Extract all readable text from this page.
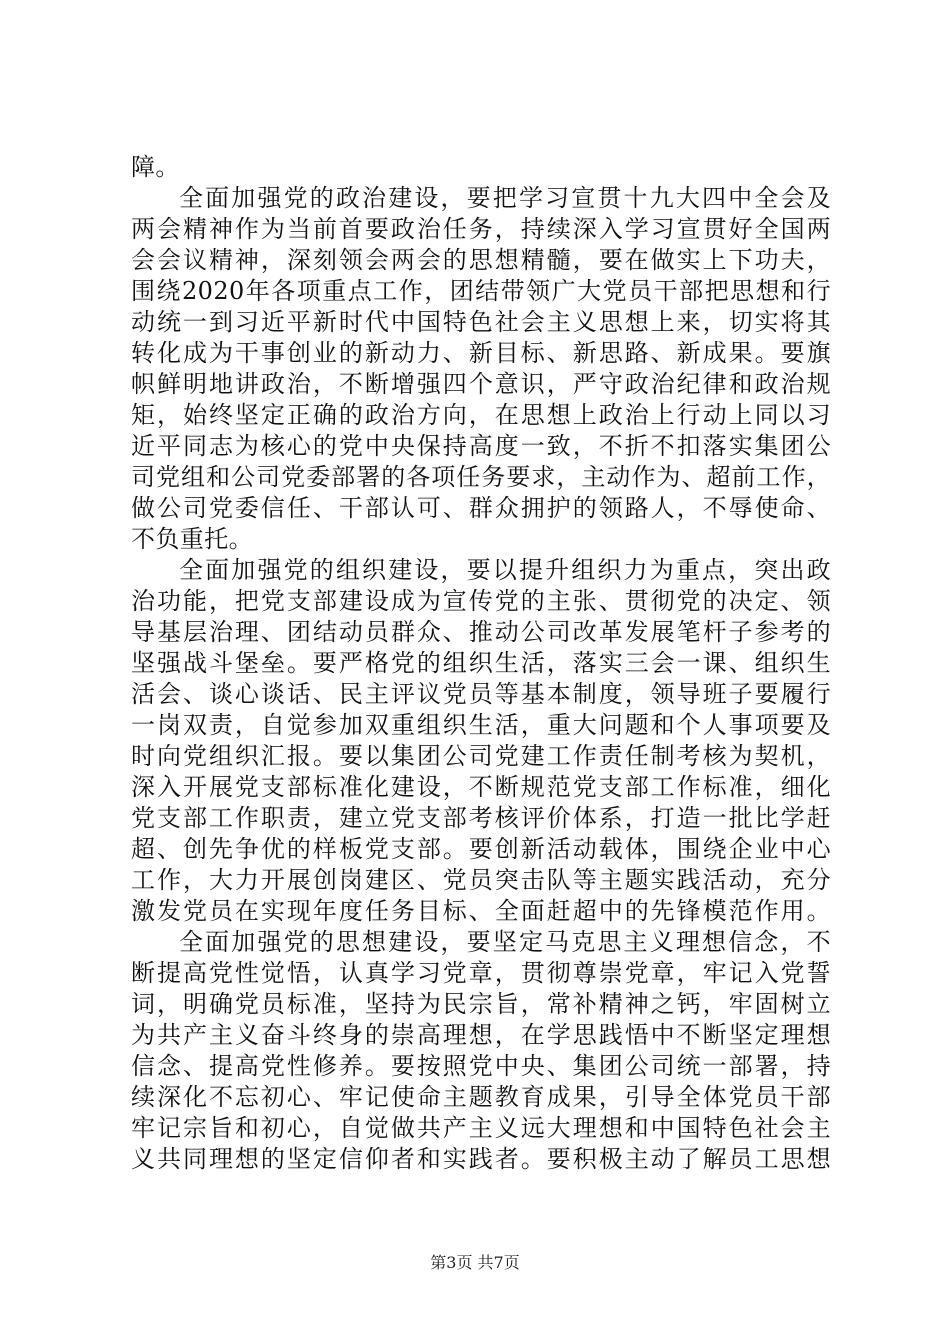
障。
全面加强党的政治建设，要把学习宣贯十九大四中全会及
两会精神作为当前首要政治任务，持续深入学习宣贯好全国两
会会议精神，深刻领会两会的思想精髓，要在做实上下功夫，
围绕2020年各项重点工作，团结带领广大党员干部把思想和行
动统一到习近平新时代中国特色社会主义思想上来，切实将其
转化成为干事创业的新动力、新目标、新思路、新成果。要旗
帜鲜明地讲政治，不断增强四个意识，严守政治纪律和政治规
矩，始终坚定正确的政治方向，在思想上政治上行动上同以习
近平同志为核心的党中央保持高度一致，不折不扣落实集团公
司党组和公司党委部署的各项任务要求，主动作为、超前工作，
做公司党委信任、干部认可、群众拥护的领路人，不辱使命、
不负重托。
全面加强党的组织建设，要以提升组织力为重点，突出政
治功能，把党支部建设成为宣传党的主张、贯彻党的决定、领
导基层治理、团结动员群众、推动公司改革发展笔杆子参考的
坚强战斗堡垒。要严格党的组织生活，落实三会一课、组织生
活会、谈心谈话、民主评议党员等基本制度，领导班子要履行
一岗双责，自觉参加双重组织生活，重大问题和个人事项要及
时向党组织汇报。要以集团公司党建工作责任制考核为契机，
深入开展党支部标准化建设，不断规范党支部工作标准，细化
党支部工作职责，建立党支部考核评价体系，打造一批比学赶
超、创先争优的样板党支部。要创新活动载体，围绕企业中心
工作，大力开展创岗建区、党员突击队等主题实践活动，充分
激发党员在实现年度任务目标、全面赶超中的先锋模范作用。
全面加强党的思想建设，要坚定马克思主义理想信念，不
断提高党性觉悟，认真学习党章，贯彻尊崇党章，牢记入党誓
词，明确党员标准，坚持为民宗旨，常补精神之钙，牢固树立
为共产主义奋斗终身的崇高理想，在学思践悟中不断坚定理想
信念、提高党性修养。要按照党中央、集团公司统一部署，持
续深化不忘初心、牢记使命主题教育成果，引导全体党员干部
牢记宗旨和初心，自觉做共产主义远大理想和中国特色社会主
义共同理想的坚定信仰者和实践者。要积极主动了解员工思想
第3页 共7页
